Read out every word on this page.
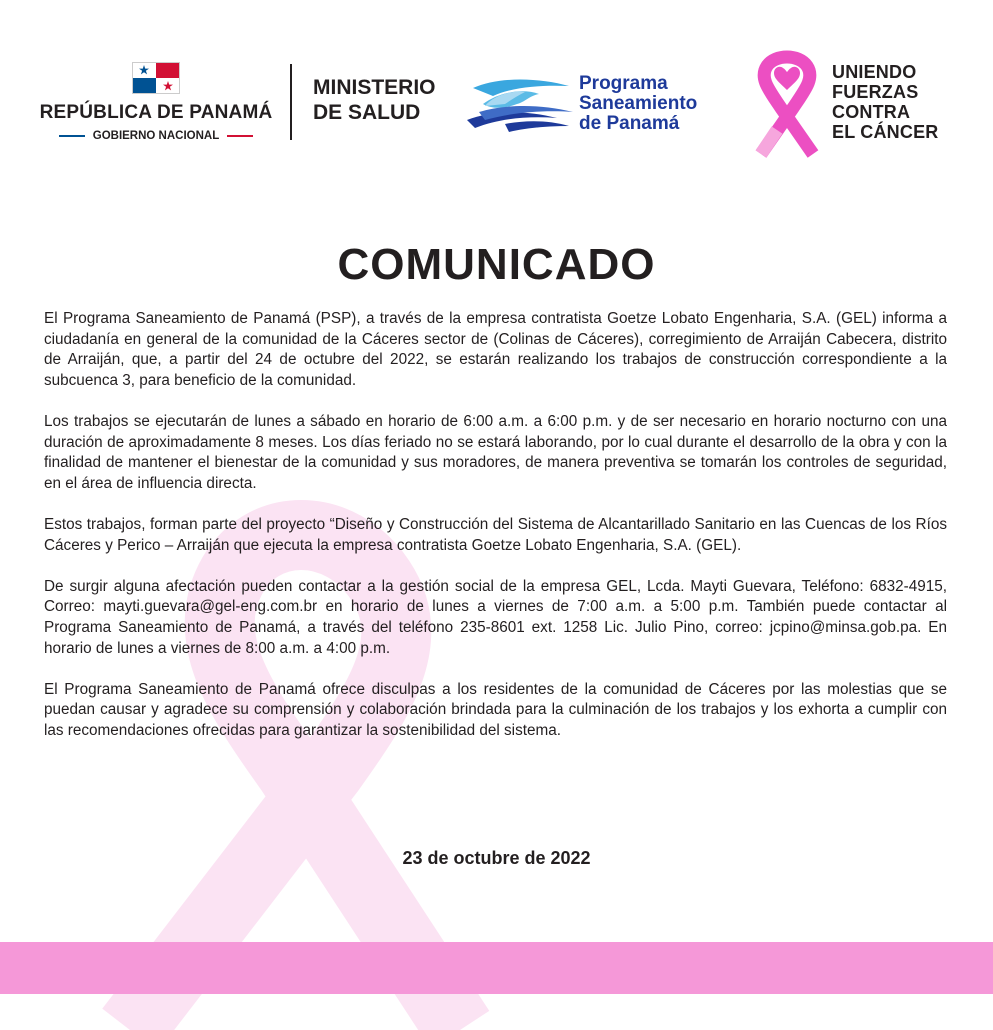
REPÚBLICA DE PANAMÁ
GOBIERNO NACIONAL
MINISTERIO
DE SALUD
Programa
Saneamiento
de Panamá
UNIENDO
FUERZAS
CONTRA
EL CÁNCER
COMUNICADO

El Programa Saneamiento de Panamá (PSP), a través de la empresa contratista Goetze Lobato Engenharia, S.A. (GEL) informa a ciudadanía en general de la comunidad de la Cáceres sector de (Colinas de Cáceres), corregimiento de Arraiján Cabecera, distrito de Arraiján, que, a partir del 24 de octubre del 2022, se estarán realizando los trabajos de construcción correspondiente a la subcuenca 3, para beneficio de la comunidad.

Los trabajos se ejecutarán de lunes a sábado en horario de 6:00 a.m. a 6:00 p.m. y de ser necesario en horario nocturno con una duración de aproximadamente 8 meses. Los días feriado no se estará laborando, por lo cual durante el desarrollo de la obra y con la finalidad de mantener el bienestar de la comunidad y sus moradores, de manera preventiva se tomarán los controles de seguridad, en el área de influencia directa.

Estos trabajos, forman parte del proyecto “Diseño y Construcción del Sistema de Alcantarillado Sanitario en las Cuencas de los Ríos Cáceres y Perico – Arraiján que ejecuta la empresa contratista Goetze Lobato Engenharia, S.A. (GEL).

De surgir alguna afectación pueden contactar a la gestión social de la empresa GEL, Lcda. Mayti Guevara, Teléfono: 6832-4915, Correo: mayti.guevara@gel-eng.com.br en horario de lunes a viernes de 7:00 a.m. a 5:00 p.m. También puede contactar al Programa Saneamiento de Panamá, a través del teléfono 235-8601 ext. 1258 Lic. Julio Pino, correo: jcpino@minsa.gob.pa. En horario de lunes a viernes de 8:00 a.m. a 4:00 p.m.

El Programa Saneamiento de Panamá ofrece disculpas a los residentes de la comunidad de Cáceres por las molestias que se puedan causar y agradece su comprensión y colaboración brindada para la culminación de los trabajos y los exhorta a cumplir con las recomendaciones ofrecidas para garantizar la sostenibilidad del sistema.

23 de octubre de 2022
